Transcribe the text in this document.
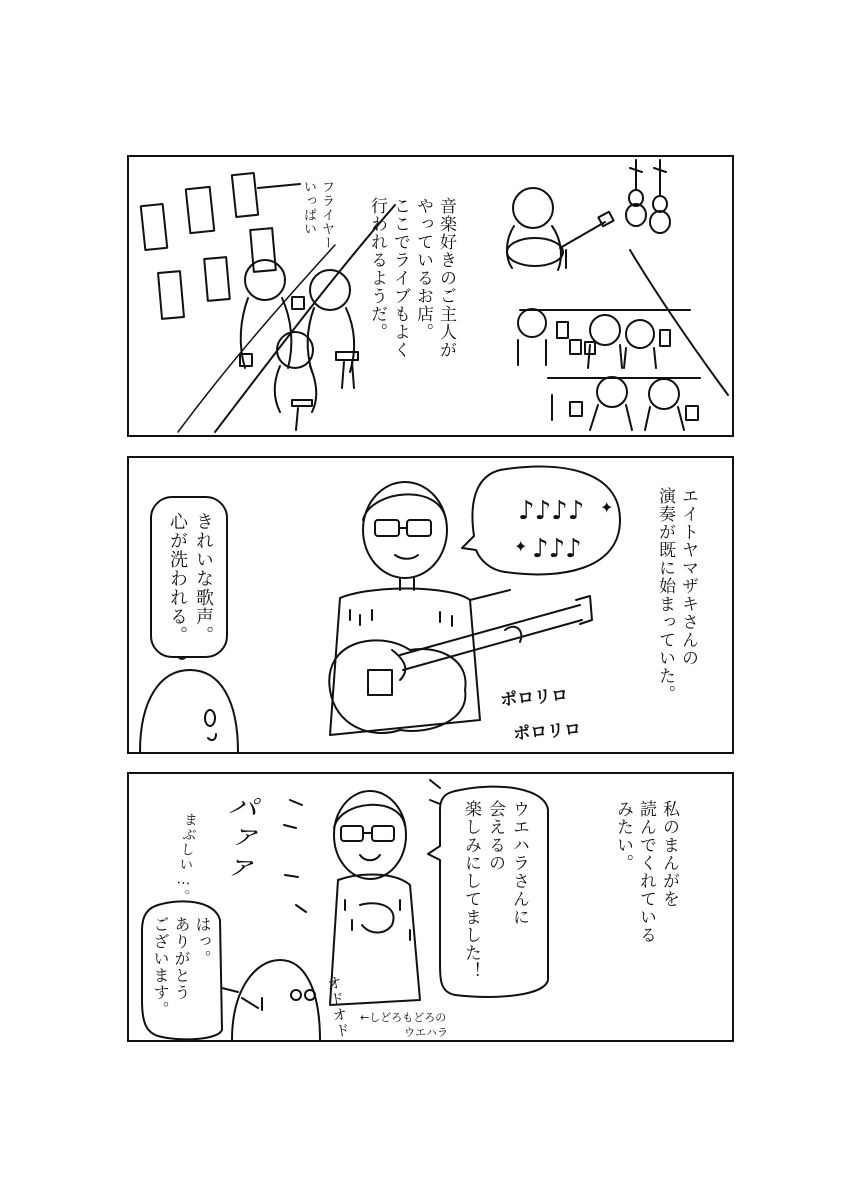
音楽好きのご主人が
やっているお店。
ここでライブもよく
行われるようだ。
フライヤー
いっぱい
エイトヤマザキさんの
演奏が既に始まっていた。
♪♪♪♪
♪♪♪
✦
✦
きれいな歌声。
心が洗われる。
ポロリロ
ポロリロ
私のまんがを
読んでくれている
みたい。
ウエハラさんに
会えるの
楽しみにしてました！
はっ。
ありがとう
ございます。
パァァ
まぶしい…。
オドオド ←しどろもどろの
ウエハラ
